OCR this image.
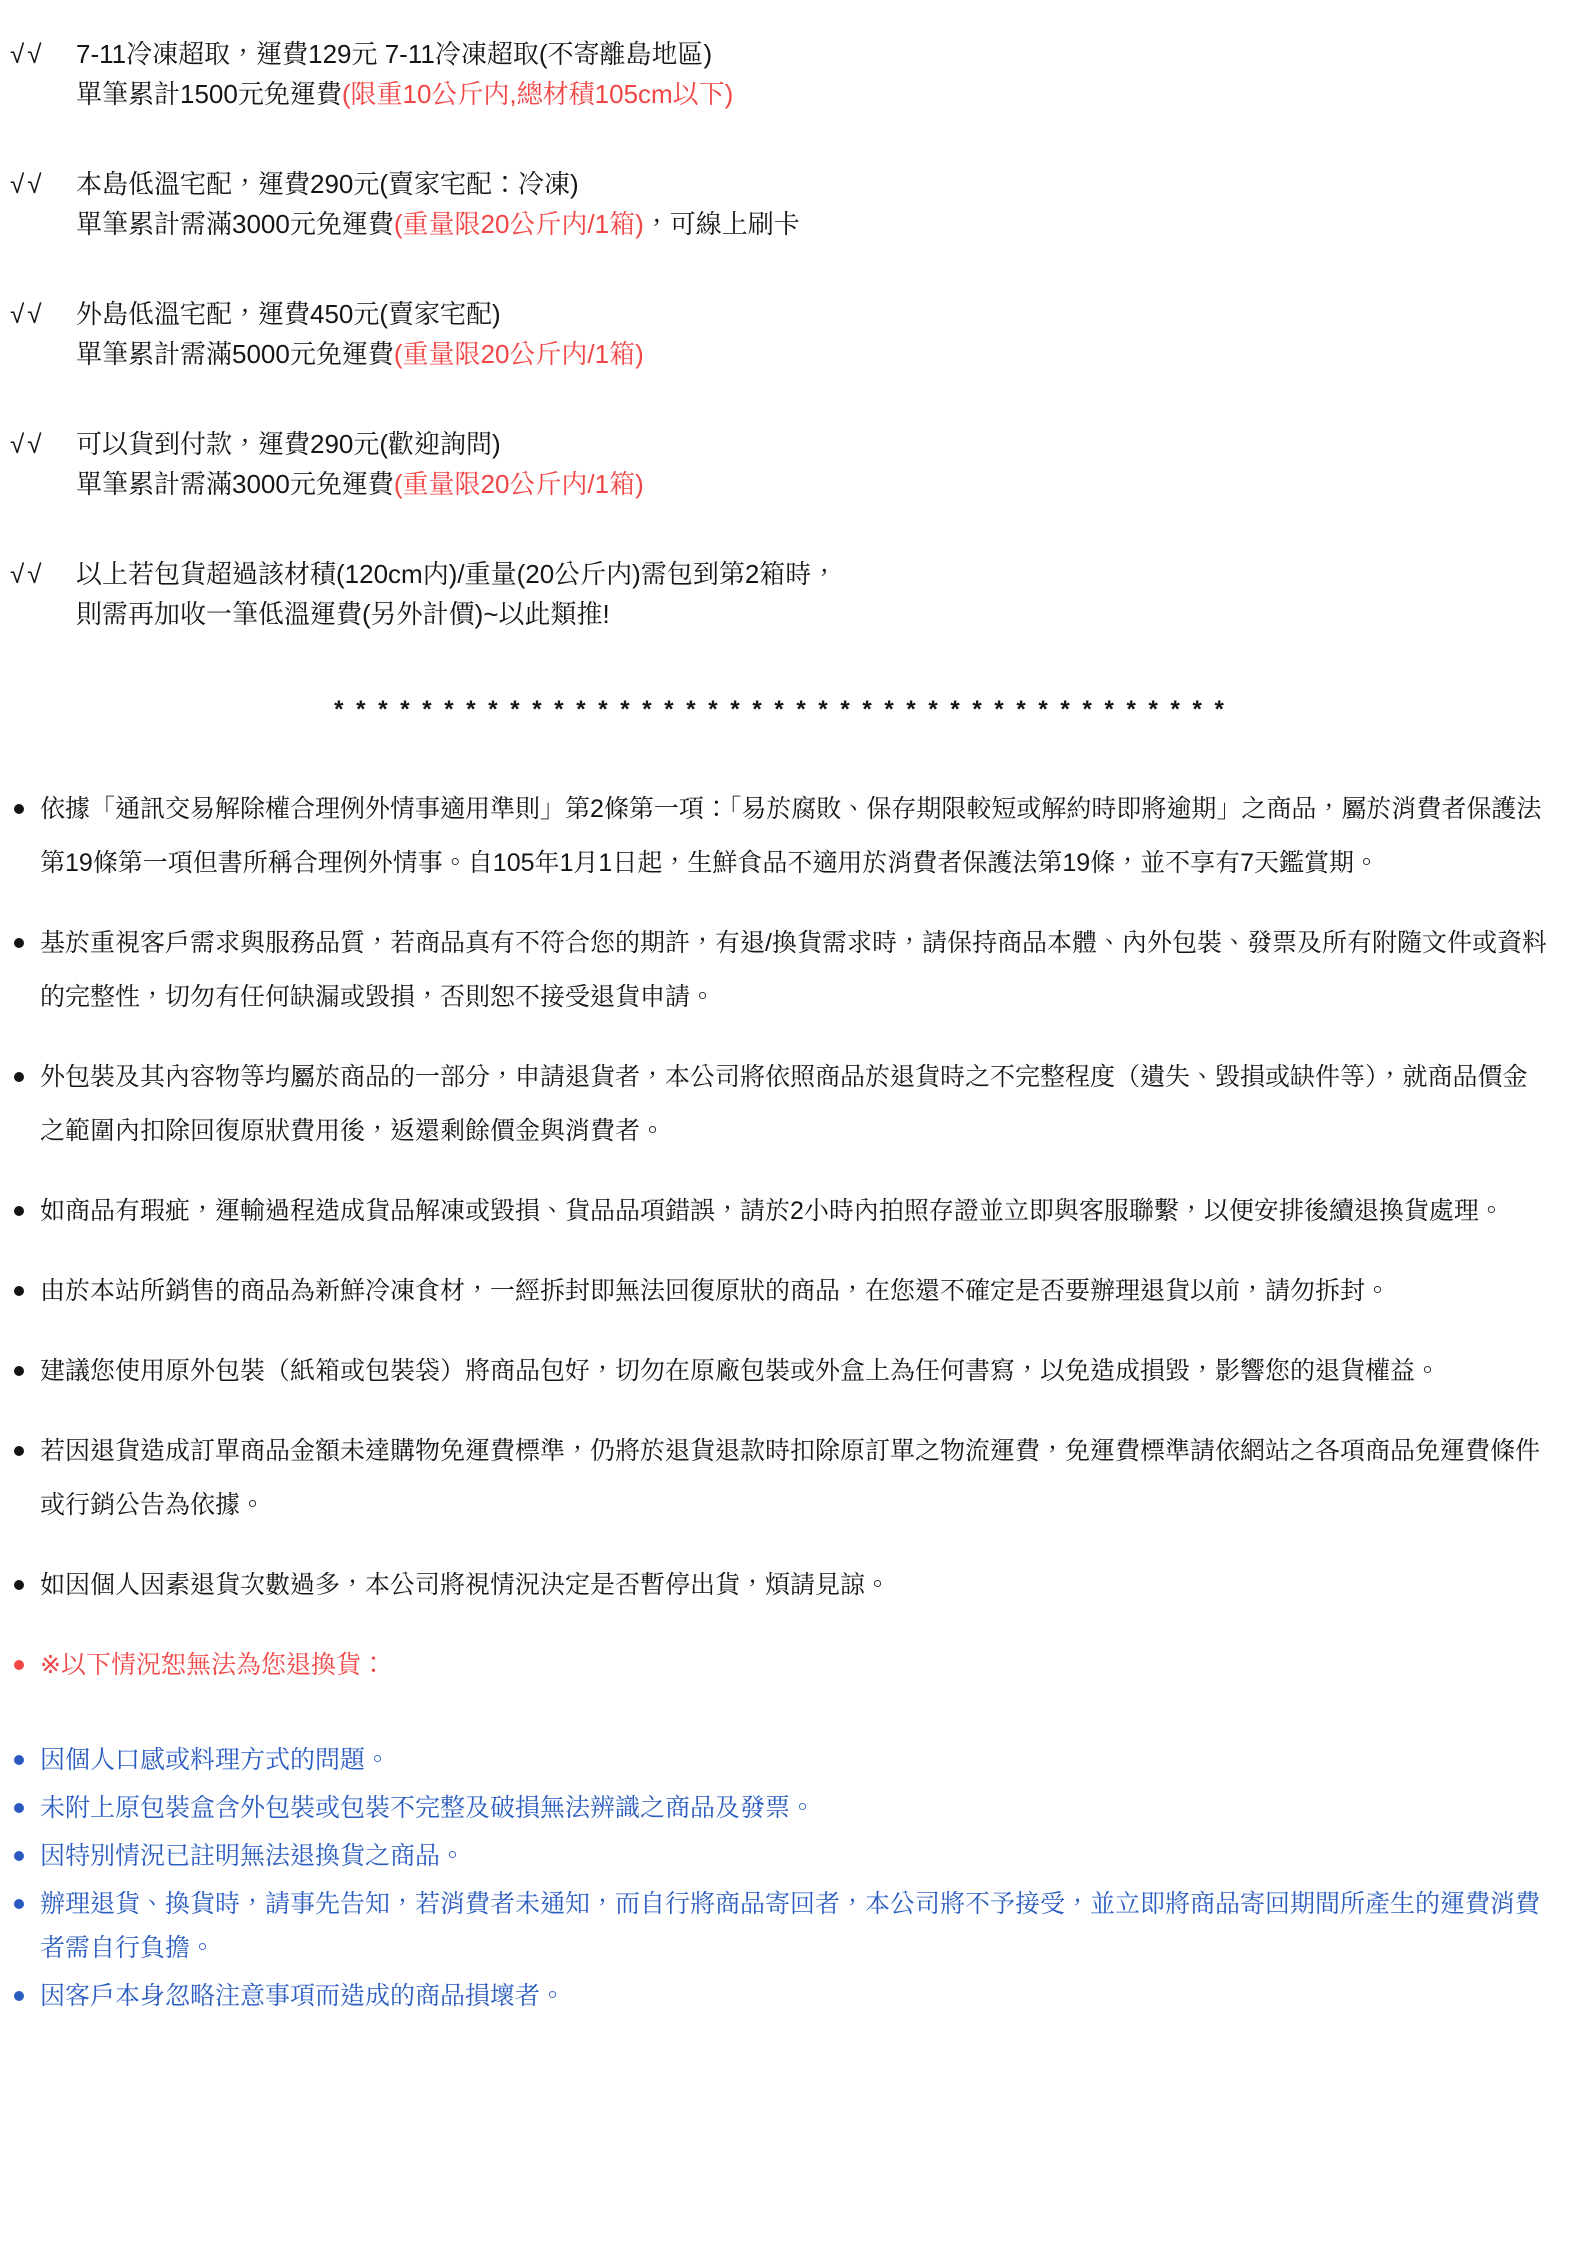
√√	7-11冷凍超取，運費129元 7-11冷凍超取(不寄離島地區)
單筆累計1500元免運費(限重10公斤内,總材積105cm以下)
√√	本島低溫宅配，運費290元(賣家宅配：冷凍)
單筆累計需滿3000元免運費(重量限20公斤内/1箱)，可線上刷卡
√√	外島低溫宅配，運費450元(賣家宅配)
單筆累計需滿5000元免運費(重量限20公斤内/1箱)
√√	可以貨到付款，運費290元(歡迎詢問)
單筆累計需滿3000元免運費(重量限20公斤内/1箱)
√√	以上若包貨超過該材積(120cm内)/重量(20公斤内)需包到第2箱時，
則需再加收一筆低溫運費(另外計價)~以此類推!
* * * * * * * * * * * * * * * * * * * * * * * * * * * * * * * * * * * * * * * * *
依據「通訊交易解除權合理例外情事適用準則」第2條第一項：「易於腐敗、保存期限較短或解約時即將逾期」之商品，屬於消費者保護法第19條第一項但書所稱合理例外情事。自105年1月1日起，生鮮食品不適用於消費者保護法第19條，並不享有7天鑑賞期。
基於重視客戶需求與服務品質，若商品真有不符合您的期許，有退/換貨需求時，請保持商品本體、內外包裝、發票及所有附隨文件或資料的完整性，切勿有任何缺漏或毀損，否則恕不接受退貨申請。
外包裝及其內容物等均屬於商品的一部分，申請退貨者，本公司將依照商品於退貨時之不完整程度（遺失、毀損或缺件等），就商品價金之範圍內扣除回復原狀費用後，返還剩餘價金與消費者。
如商品有瑕疵，運輸過程造成貨品解凍或毀損、貨品品項錯誤，請於2小時內拍照存證並立即與客服聯繫，以便安排後續退換貨處理。
由於本站所銷售的商品為新鮮冷凍食材，一經拆封即無法回復原狀的商品，在您還不確定是否要辦理退貨以前，請勿拆封。
建議您使用原外包裝（紙箱或包裝袋）將商品包好，切勿在原廠包裝或外盒上為任何書寫，以免造成損毀，影響您的退貨權益。
若因退貨造成訂單商品金額未達購物免運費標準，仍將於退貨退款時扣除原訂單之物流運費，免運費標準請依網站之各項商品免運費條件或行銷公告為依據。
如因個人因素退貨次數過多，本公司將視情況決定是否暫停出貨，煩請見諒。
※以下情況恕無法為您退換貨：
因個人口感或料理方式的問題。
未附上原包裝盒含外包裝或包裝不完整及破損無法辨識之商品及發票。
因特別情況已註明無法退換貨之商品。
辦理退貨、換貨時，請事先告知，若消費者未通知，而自行將商品寄回者，本公司將不予接受，並立即將商品寄回期間所產生的運費消費者需自行負擔。
因客戶本身忽略注意事項而造成的商品損壞者。
